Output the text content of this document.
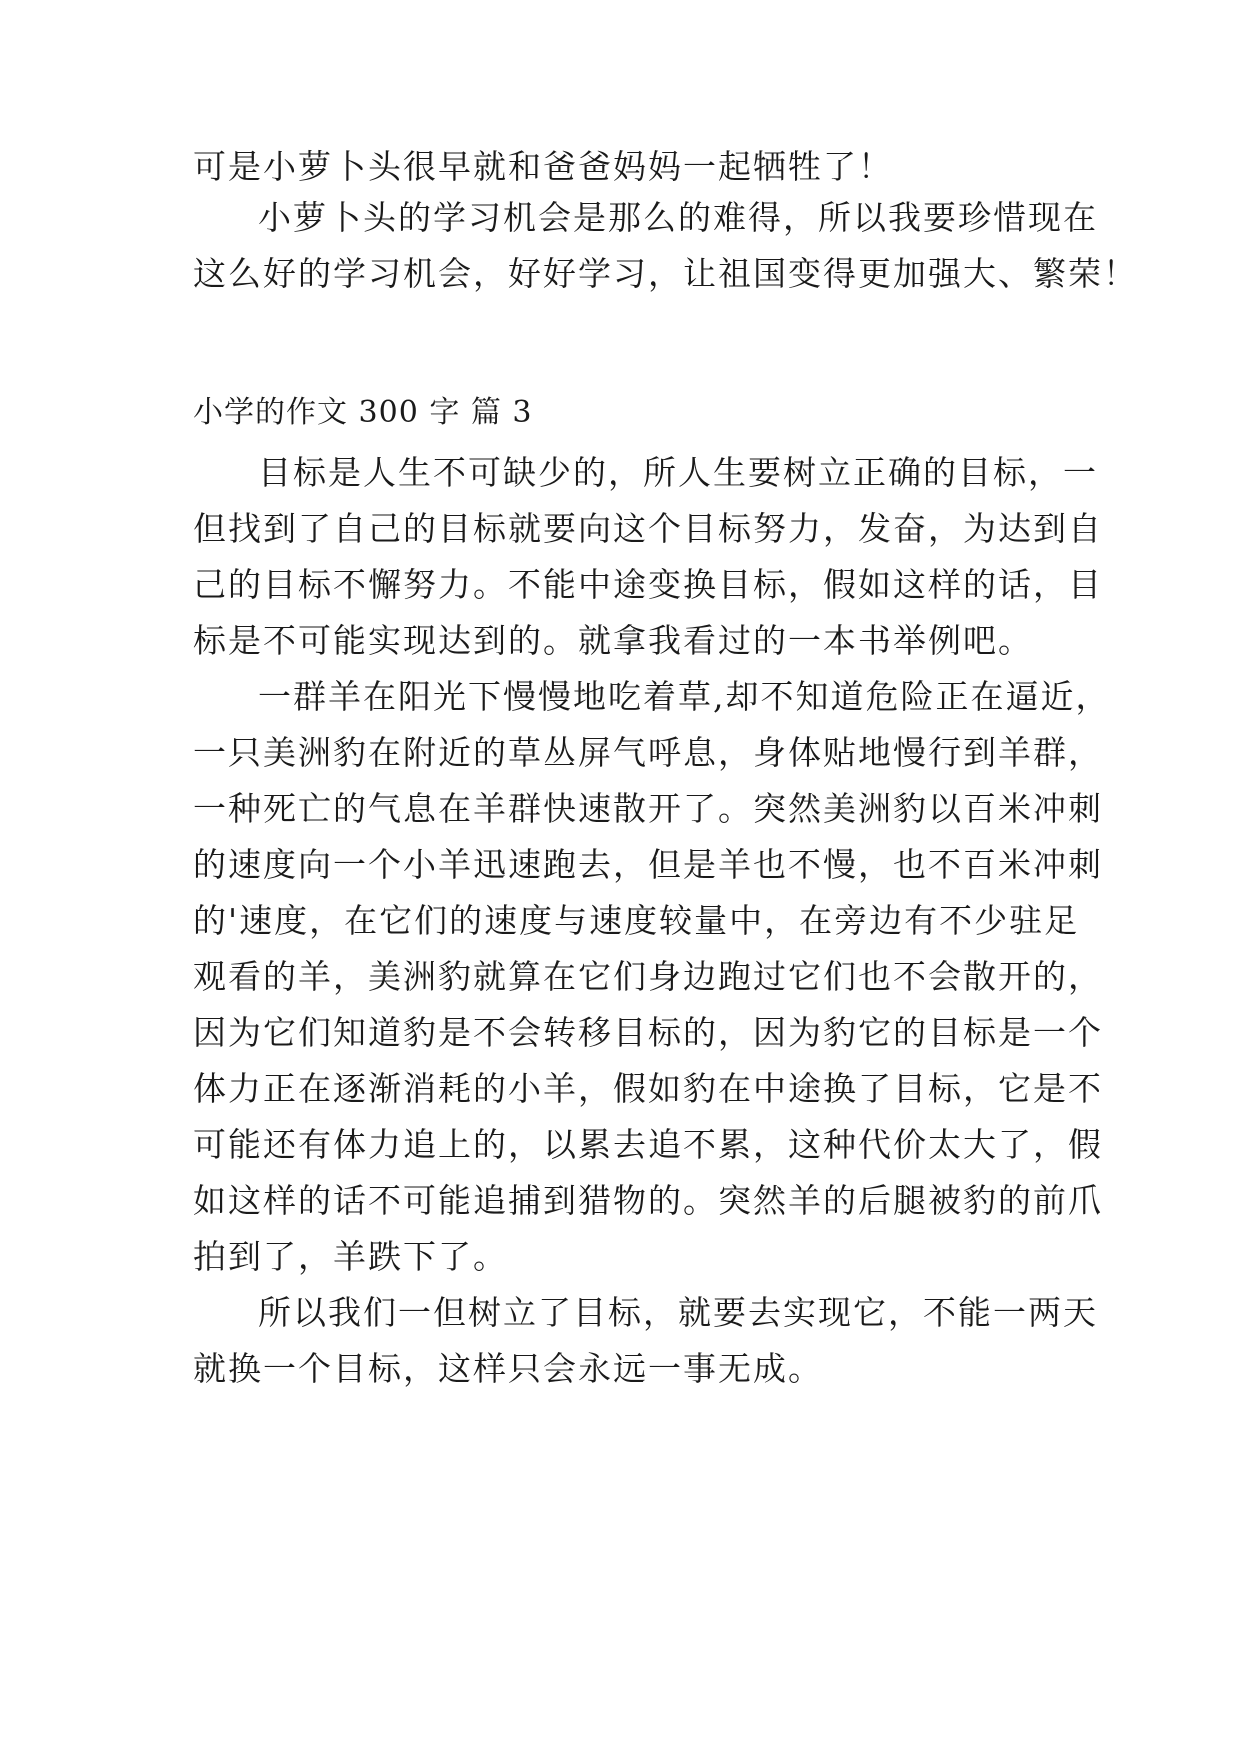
可是小萝卜头很早就和爸爸妈妈一起牺牲了！
小萝卜头的学习机会是那么的难得，所以我要珍惜现在
这么好的学习机会，好好学习，让祖国变得更加强大、繁荣！
小学的作文 300 字 篇 3
目标是人生不可缺少的，所人生要树立正确的目标，一
但找到了自己的目标就要向这个目标努力，发奋，为达到自
己的目标不懈努力。不能中途变换目标，假如这样的话，目
标是不可能实现达到的。就拿我看过的一本书举例吧。
一群羊在阳光下慢慢地吃着草,却不知道危险正在逼近，
一只美洲豹在附近的草丛屏气呼息，身体贴地慢行到羊群，
一种死亡的气息在羊群快速散开了。突然美洲豹以百米冲刺
的速度向一个小羊迅速跑去，但是羊也不慢，也不百米冲刺
的'速度，在它们的速度与速度较量中，在旁边有不少驻足
观看的羊，美洲豹就算在它们身边跑过它们也不会散开的，
因为它们知道豹是不会转移目标的，因为豹它的目标是一个
体力正在逐渐消耗的小羊，假如豹在中途换了目标，它是不
可能还有体力追上的，以累去追不累，这种代价太大了，假
如这样的话不可能追捕到猎物的。突然羊的后腿被豹的前爪
拍到了，羊跌下了。
所以我们一但树立了目标，就要去实现它，不能一两天
就换一个目标，这样只会永远一事无成。
